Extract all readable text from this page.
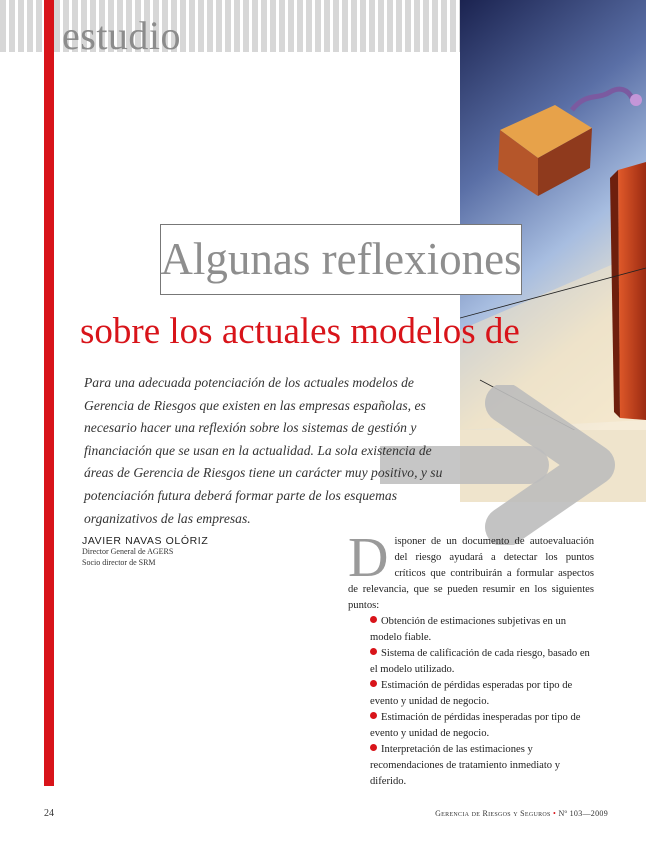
estudio
Algunas reflexiones
sobre los actuales modelos de

Para una adecuada potenciación de los actuales modelos de Gerencia de Riesgos que existen en las empresas españolas, es necesario hacer una reflexión sobre los sistemas de gestión y financiación que se usan en la actualidad. La sola existencia de áreas de Gerencia de Riesgos tiene un carácter muy positivo, y su potenciación futura deberá formar parte de los esquemas organizativos de las empresas.

JAVIER NAVAS OLÓRIZ
Director General de AGERS
Socio director de SRM	Disponer de un documento de autoevaluación del riesgo ayudará a detectar los puntos críticos que contribuirán a formular aspectos de relevancia, que se pueden resumir en los siguientes puntos:

Obtención de estimaciones subjetivas en un modelo fiable.
Sistema de calificación de cada riesgo, basado en el modelo utilizado.
Estimación de pérdidas esperadas por tipo de evento y unidad de negocio.
Estimación de pérdidas inesperadas por tipo de evento y unidad de negocio.
Interpretación de las estimaciones y recomendaciones de tratamiento inmediato y diferido.
24	Gerencia de Riesgos y Seguros • Nº 103—2009
